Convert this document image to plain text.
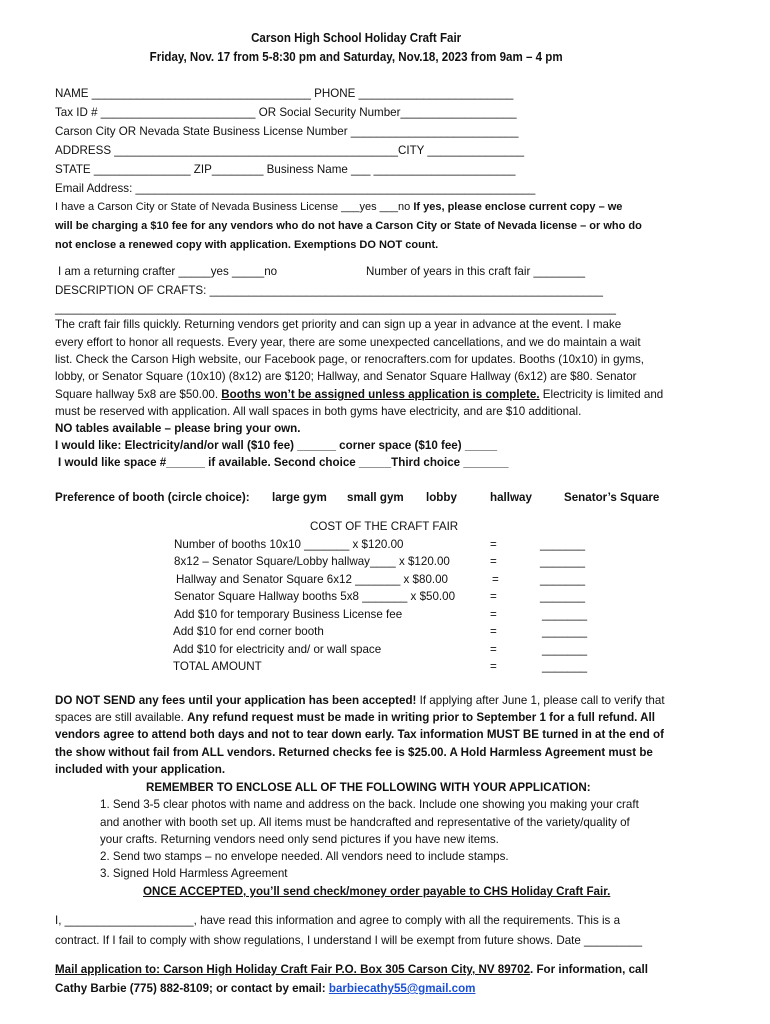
Carson High School Holiday Craft Fair
Friday, Nov. 17 from 5-8:30 pm and Saturday, Nov.18, 2023 from 9am – 4 pm
NAME __________________________________ PHONE ________________________
Tax ID # ________________________ OR Social Security Number__________________
Carson City OR Nevada State Business License Number __________________________
ADDRESS ____________________________________________CITY _______________
STATE _______________ ZIP________ Business Name ___ ______________________
Email Address: ______________________________________________________________
I have a Carson City or State of Nevada Business License ___yes ___no If yes, please enclose current copy – we
will be charging a $10 fee for any vendors who do not have a Carson City or State of Nevada license – or who do
not enclose a renewed copy with application. Exemptions DO NOT count.
I am a returning crafter _____yes _____no	Number of years in this craft fair ________
DESCRIPTION OF CRAFTS: _____________________________________________________________
_______________________________________________________________________________________
The craft fair fills quickly. Returning vendors get priority and can sign up a year in advance at the event. I make
every effort to honor all requests. Every year, there are some unexpected cancellations, and we do maintain a wait
list. Check the Carson High website, our Facebook page, or renocrafters.com for updates. Booths (10x10) in gyms,
lobby, or Senator Square (10x10) (8x12) are $120; Hallway, and Senator Square Hallway (6x12) are $80. Senator
Square hallway 5x8 are $50.00. Booths won’t be assigned unless application is complete. Electricity is limited and
must be reserved with application. All wall spaces in both gyms have electricity, and are $10 additional.
NO tables available – please bring your own.
I would like: Electricity/and/or wall ($10 fee) ______ corner space ($10 fee) _____
I would like space #______ if available. Second choice _____Third choice _______
Preference of booth (circle choice): large gym small gym lobby	hallway	Senator’s Square
COST OF THE CRAFT FAIR
Number of booths 10x10 _______ x $120.00	=	_______
8x12 – Senator Square/Lobby hallway____ x $120.00	=	_______
Hallway and Senator Square 6x12 _______ x $80.00	=	_______
Senator Square Hallway booths 5x8 _______ x $50.00	=	_______
Add $10 for temporary Business License fee	=	_______
Add $10 for end corner booth	=	_______
Add $10 for electricity and/ or wall space	=	_______
TOTAL AMOUNT	=	_______
DO NOT SEND any fees until your application has been accepted! If applying after June 1, please call to verify that
spaces are still available. Any refund request must be made in writing prior to September 1 for a full refund. All
vendors agree to attend both days and not to tear down early. Tax information MUST BE turned in at the end of
the show without fail from ALL vendors. Returned checks fee is $25.00. A Hold Harmless Agreement must be
included with your application.
REMEMBER TO ENCLOSE ALL OF THE FOLLOWING WITH YOUR APPLICATION:
1. Send 3-5 clear photos with name and address on the back. Include one showing you making your craft
and another with booth set up. All items must be handcrafted and representative of the variety/quality of
your crafts. Returning vendors need only send pictures if you have new items.
2. Send two stamps – no envelope needed. All vendors need to include stamps.
3. Signed Hold Harmless Agreement
ONCE ACCEPTED, you’ll send check/money order payable to CHS Holiday Craft Fair.
I, ____________________, have read this information and agree to comply with all the requirements. This is a
contract. If I fail to comply with show regulations, I understand I will be exempt from future shows. Date _________
Mail application to: Carson High Holiday Craft Fair P.O. Box 305 Carson City, NV 89702. For information, call
Cathy Barbie (775) 882-8109; or contact by email: barbiecathy55@gmail.com
